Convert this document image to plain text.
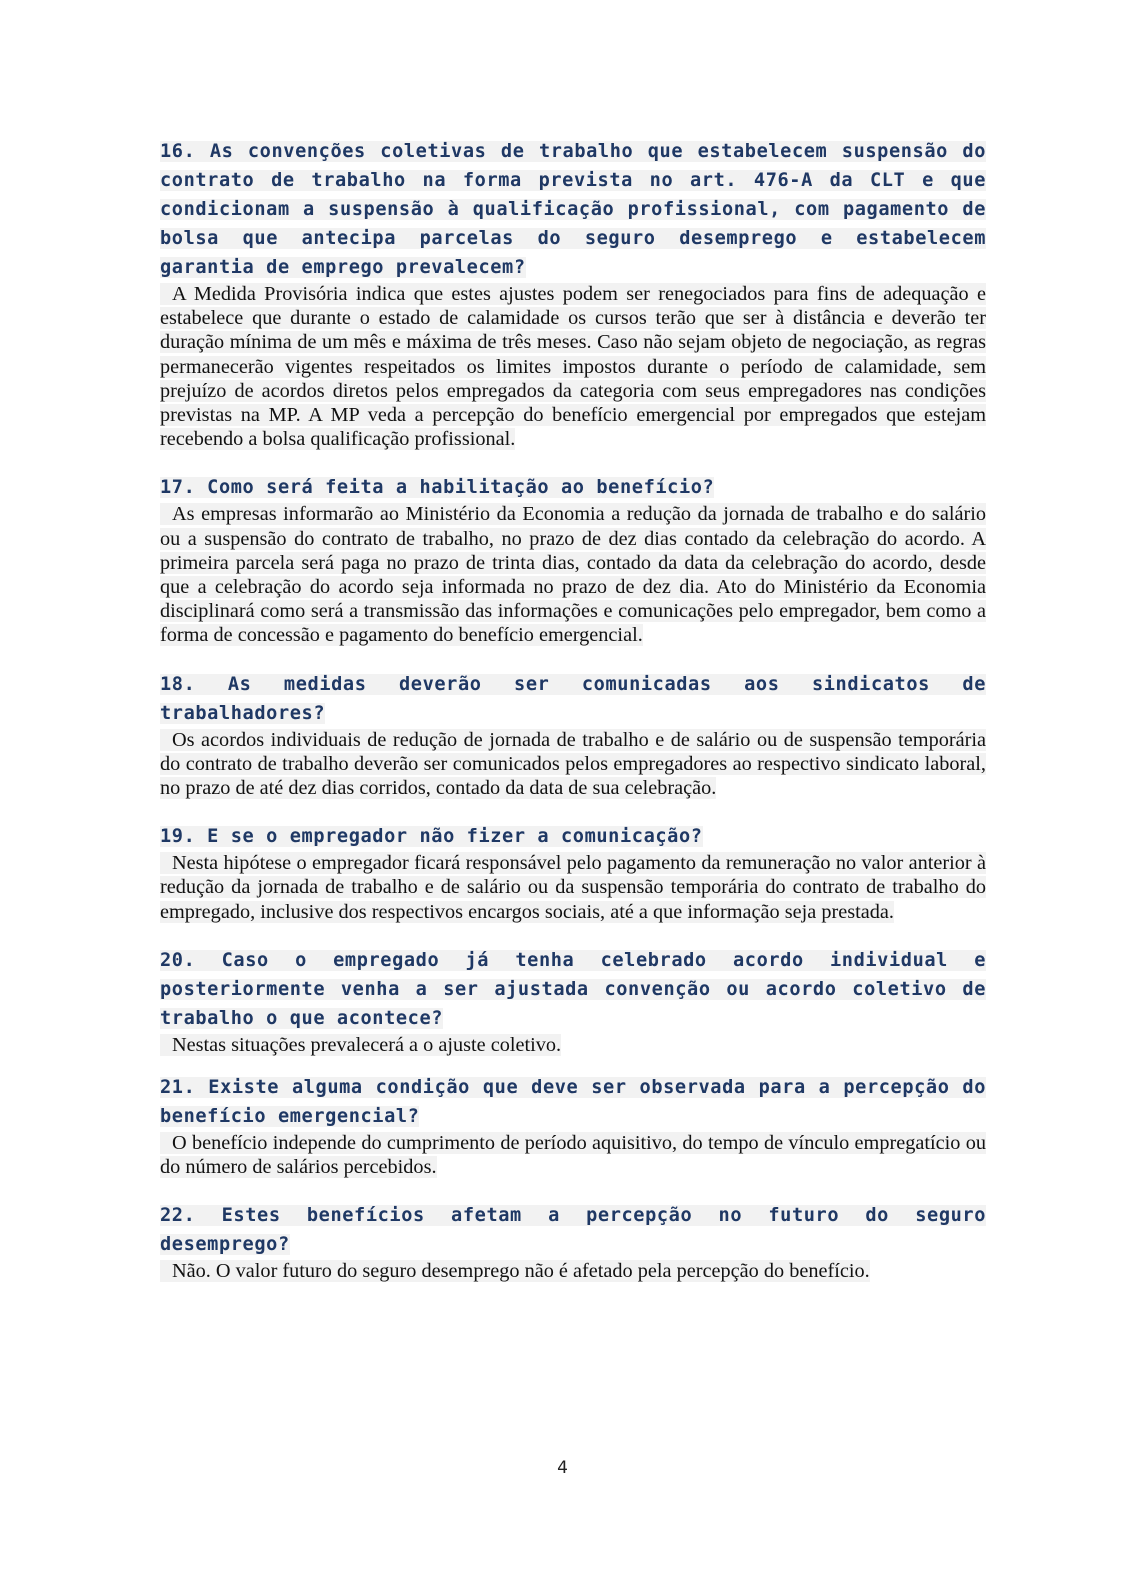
16. As convenções coletivas de trabalho que estabelecem suspensão do contrato de trabalho na forma prevista no art. 476-A da CLT e que condicionam a suspensão à qualificação profissional, com pagamento de bolsa que antecipa parcelas do seguro desemprego e estabelecem garantia de emprego prevalecem?

A Medida Provisória indica que estes ajustes podem ser renegociados para fins de adequação e estabelece que durante o estado de calamidade os cursos terão que ser à distância e deverão ter duração mínima de um mês e máxima de três meses. Caso não sejam objeto de negociação, as regras permanecerão vigentes respeitados os limites impostos durante o período de calamidade, sem prejuízo de acordos diretos pelos empregados da categoria com seus empregadores nas condições previstas na MP. A MP veda a percepção do benefício emergencial por empregados que estejam recebendo a bolsa qualificação profissional.

17. Como será feita a habilitação ao benefício?

As empresas informarão ao Ministério da Economia a redução da jornada de trabalho e do salário ou a suspensão do contrato de trabalho, no prazo de dez dias contado da celebração do acordo. A primeira parcela será paga no prazo de trinta dias, contado da data da celebração do acordo, desde que a celebração do acordo seja informada no prazo de dez dia. Ato do Ministério da Economia disciplinará como será a transmissão das informações e comunicações pelo empregador, bem como a forma de concessão e pagamento do benefício emergencial.

18. As medidas deverão ser comunicadas aos sindicatos de trabalhadores?

Os acordos individuais de redução de jornada de trabalho e de salário ou de suspensão temporária do contrato de trabalho deverão ser comunicados pelos empregadores ao respectivo sindicato laboral, no prazo de até dez dias corridos, contado da data de sua celebração.

19. E se o empregador não fizer a comunicação?

Nesta hipótese o empregador ficará responsável pelo pagamento da remuneração no valor anterior à redução da jornada de trabalho e de salário ou da suspensão temporária do contrato de trabalho do empregado, inclusive dos respectivos encargos sociais, até a que informação seja prestada.

20. Caso o empregado já tenha celebrado acordo individual e posteriormente venha a ser ajustada convenção ou acordo coletivo de trabalho o que acontece?

Nestas situações prevalecerá a o ajuste coletivo.

21. Existe alguma condição que deve ser observada para a percepção do benefício emergencial?

O benefício independe do cumprimento de período aquisitivo, do tempo de vínculo empregatício ou do número de salários percebidos.

22. Estes benefícios afetam a percepção no futuro do seguro desemprego?

Não. O valor futuro do seguro desemprego não é afetado pela percepção do benefício.

4
